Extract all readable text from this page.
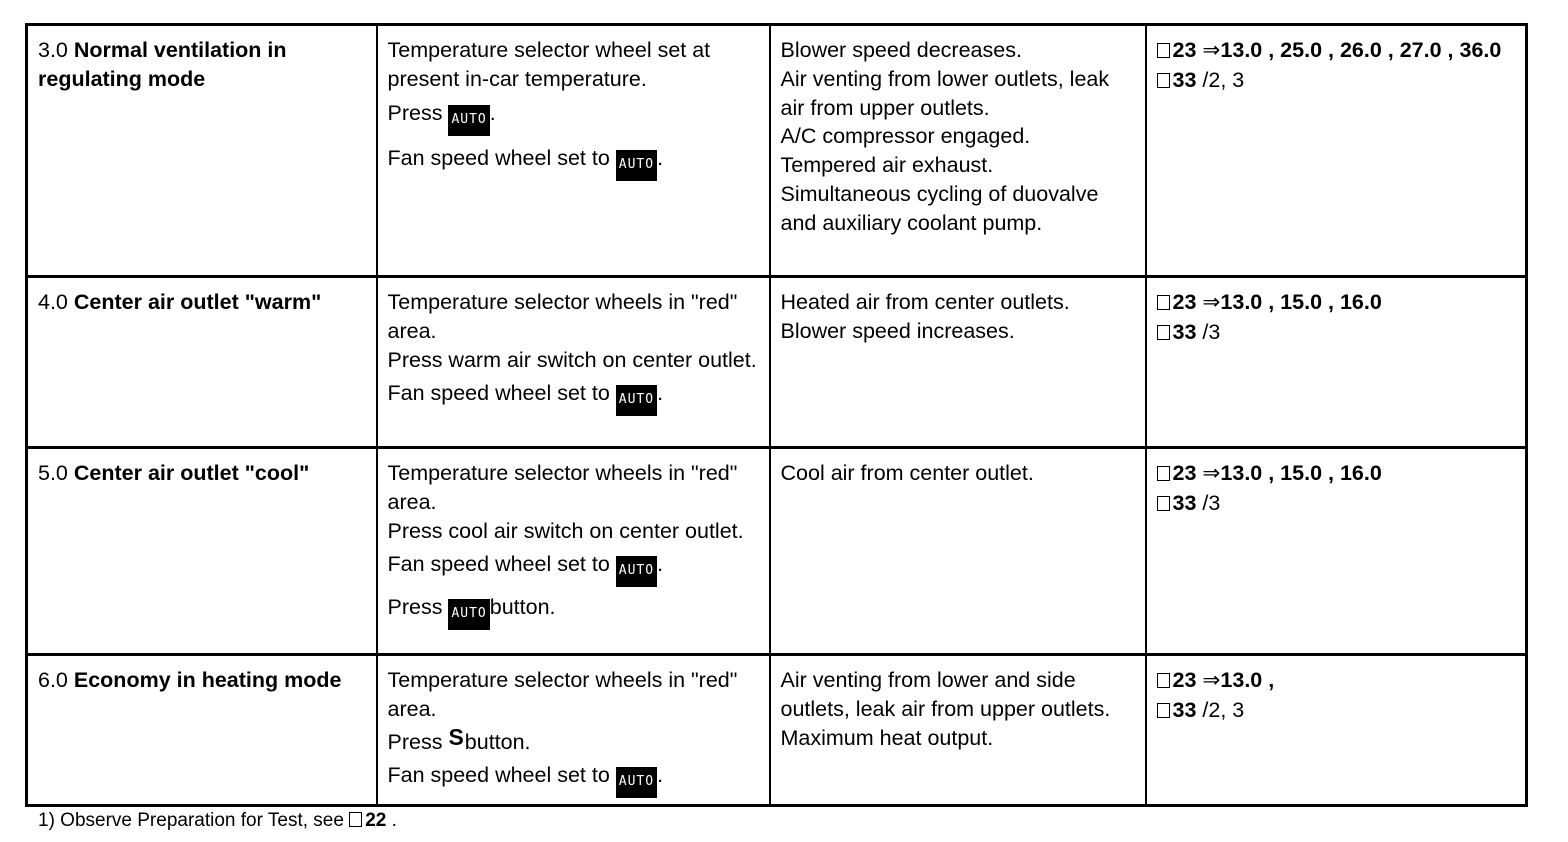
3.0 Normal ventilation in regulating mode	Temperature selector wheel set at present in-car temperature.
Press AUTO .
Fan speed wheel set to AUTO .	Blower speed decreases.
Air venting from lower outlets, leak air from upper outlets.
A/C compressor engaged.
Tempered air exhaust.
Simultaneous cycling of duovalve and auxiliary coolant pump.	23 ⇒13.0 , 25.0 , 26.0 , 27.0 , 36.0
33 /2, 3

4.0 Center air outlet "warm"	Temperature selector wheels in "red" area.
Press warm air switch on center outlet.
Fan speed wheel set to AUTO .	Heated air from center outlets.
Blower speed increases.	23 ⇒13.0 , 15.0 , 16.0
33 /3

5.0 Center air outlet "cool"	Temperature selector wheels in "red" area.
Press cool air switch on center outlet.
Fan speed wheel set to AUTO .
Press AUTO button.	Cool air from center outlet.	23 ⇒13.0 , 15.0 , 16.0
33 /3

6.0 Economy in heating mode	Temperature selector wheels in "red" area.
Press Sbutton.
Fan speed wheel set to AUTO .	Air venting from lower and side outlets, leak air from upper outlets.
Maximum heat output.	23 ⇒13.0 ,
33 /2, 3
1) Observe Preparation for Test, see 22 .
